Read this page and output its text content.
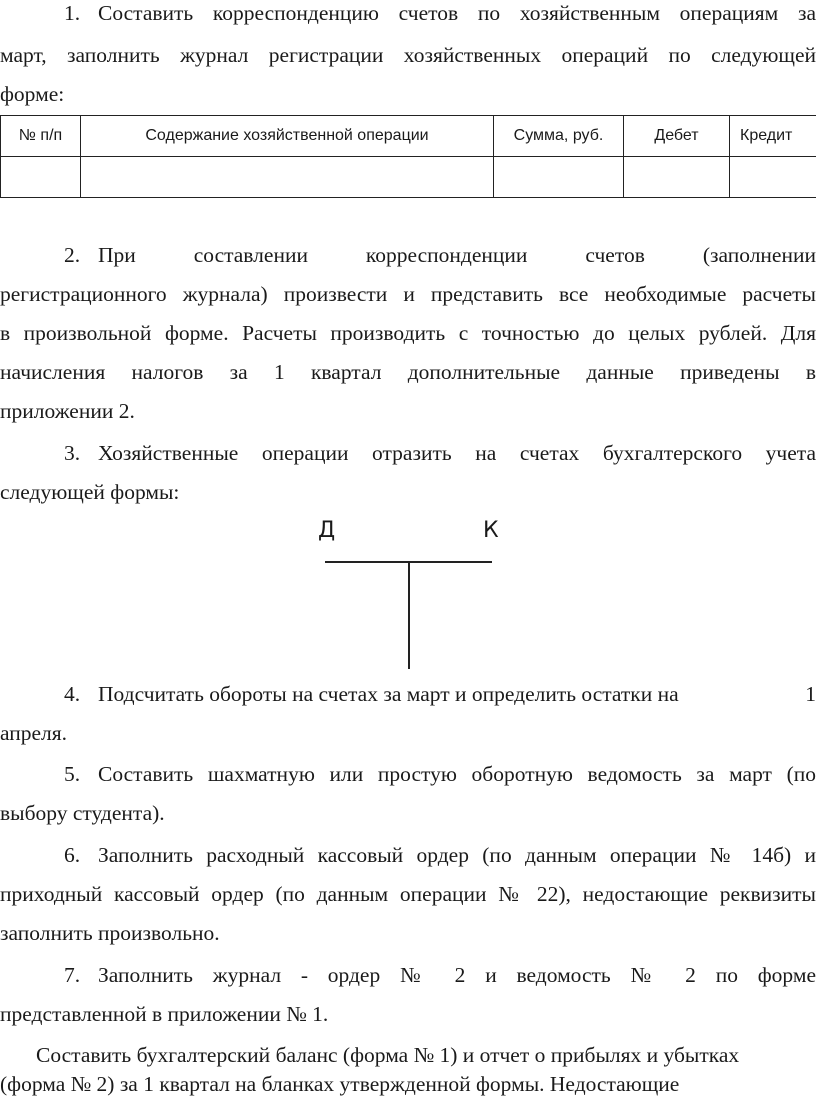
1. Составить корреспонденцию счетов по хозяйственным операциям за
март, заполнить журнал регистрации хозяйственных операций по следующей
форме:
№ п/п	Содержание хозяйственной операции	Сумма, руб.	Дебет	Кредит

2. При составлении корреспонденции счетов (заполнении
регистрационного журнала) произвести и представить все необходимые расчеты
в произвольной форме. Расчеты производить с точностью до целых рублей. Для
начисления налогов за 1 квартал дополнительные данные приведены в
приложении 2.
3. Хозяйственные операции отразить на счетах бухгалтерского учета
следующей формы:
Д	К
4. Подсчитать обороты на счетах за март и определить остатки на	1
апреля.
5. Составить шахматную или простую оборотную ведомость за март (по
выбору студента).
6. Заполнить расходный кассовый ордер (по данным операции № 14б) и
приходный кассовый ордер (по данным операции № 22), недостающие реквизиты
заполнить произвольно.
7. Заполнить журнал - ордер № 2 и ведомость № 2 по форме
представленной в приложении № 1.
Составить бухгалтерский баланс (форма № 1) и отчет о прибылях и убытках
(форма № 2) за 1 квартал на бланках утвержденной формы. Недостающие
